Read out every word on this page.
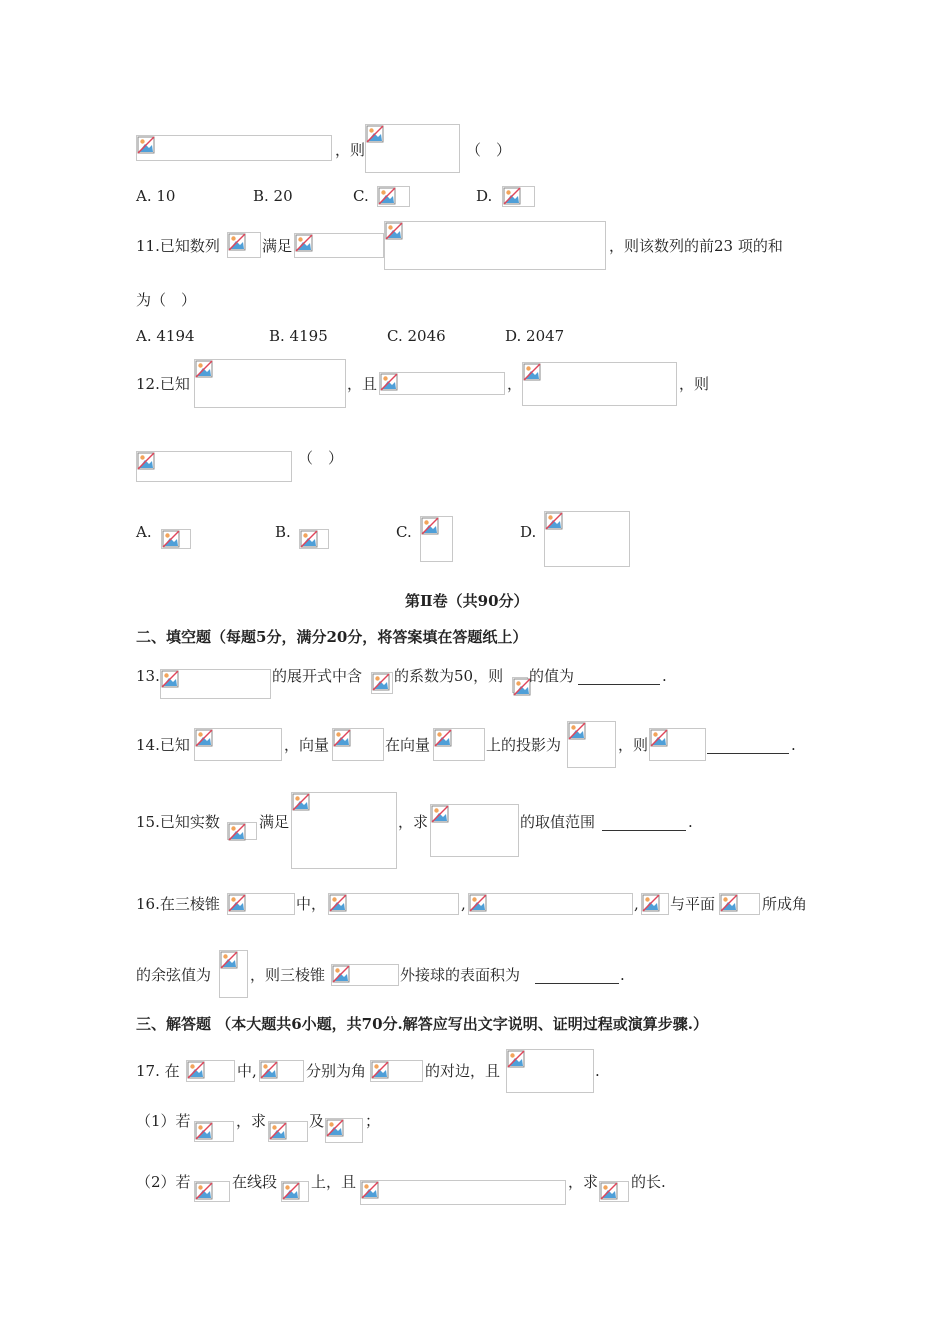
，则	（　）
A. 10	B. 20	C.	D.
11.已知数列	满足	，则该数列的前23 项的和
为（　）
A. 4194	B. 4195	C. 2046	D. 2047
12.已知	，且	，	，则
（　）
A.	B.	C.	D.
第Ⅱ卷（共90分）
二、填空题（每题5分，满分20分，将答案填在答题纸上）
13.	的展开式中含 的系数为50，则 的值为	.
14.已知	，向量	在向量	上的投影为	，则	.
15.已知实数	满足	，求	的取值范围	.
16.在三棱锥	中，	,	, 与平面	所成角
的余弦值为	，则三棱锥	外接球的表面积为	.
三、解答题 （本大题共6小题，共70分.解答应写出文字说明、证明过程或演算步骤.）
17. 在	中,	分别为角	的对边，且	.
（1）若	，求	及	；
（2）若	在线段 上，且	，求 的长.
